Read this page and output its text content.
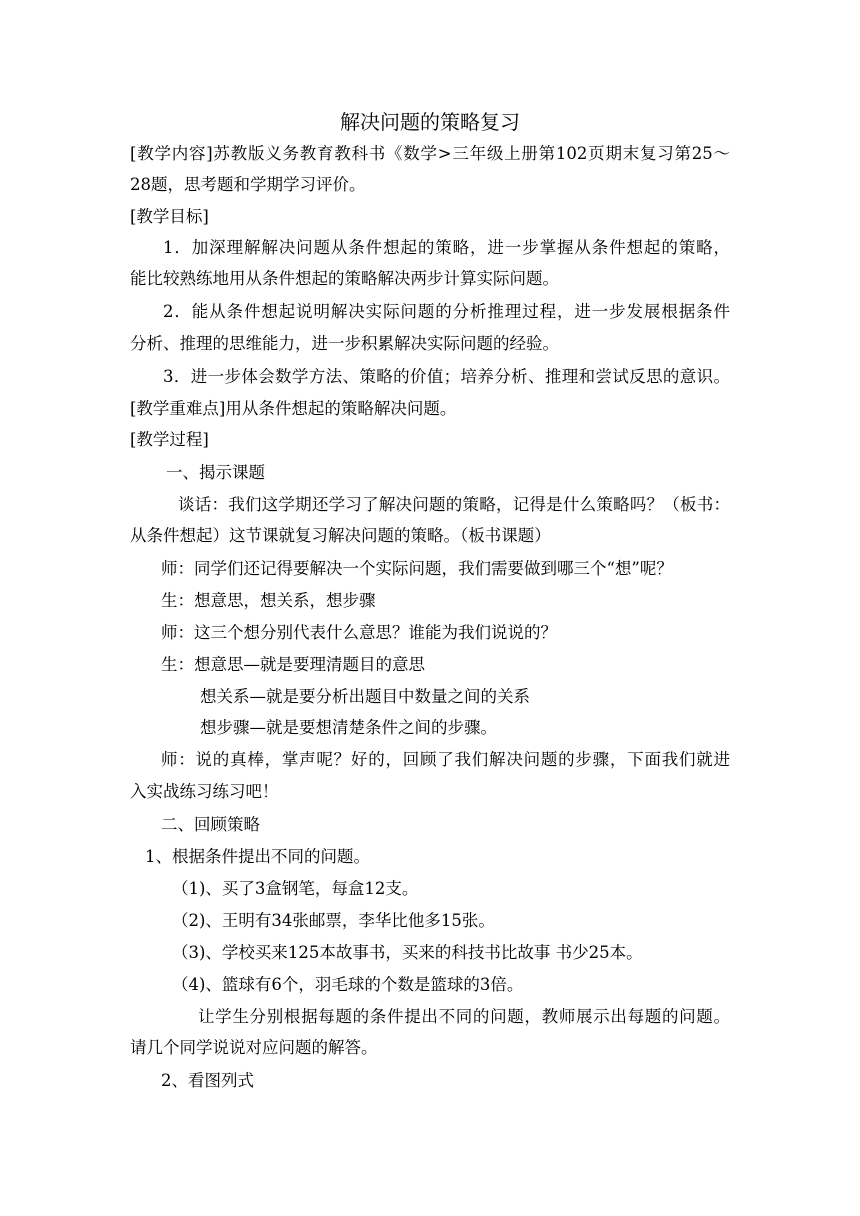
解决问题的策略复习

[教学内容]苏教版义务教育教科书《数学>三年级上册第102页期末复习第25～

28题，思考题和学期学习评价。

[教学目标]

1．加深理解解决问题从条件想起的策略，进一步掌握从条件想起的策略，

能比较熟练地用从条件想起的策略解决两步计算实际问题。

2．能从条件想起说明解决实际问题的分析推理过程，进一步发展根据条件

分析、推理的思维能力，进一步积累解决实际问题的经验。

3．进一步体会数学方法、策略的价值；培养分析、推理和尝试反思的意识。

[教学重难点]用从条件想起的策略解决问题。

[教学过程]

一、揭示课题

谈话：我们这学期还学习了解决问题的策略，记得是什么策略吗？（板书：

从条件想起）这节课就复习解决问题的策略。（板书课题）

师：同学们还记得要解决一个实际问题，我们需要做到哪三个“想”呢？

生：想意思，想关系，想步骤

师：这三个想分别代表什么意思？谁能为我们说说的？

生：想意思—就是要理清题目的意思

想关系—就是要分析出题目中数量之间的关系

想步骤—就是要想清楚条件之间的步骤。

师：说的真棒，掌声呢？好的，回顾了我们解决问题的步骤，下面我们就进

入实战练习练习吧！

二、回顾策略

1、根据条件提出不同的问题。

（1)、买了3盒钢笔，每盒12支。

（2)、王明有34张邮票，李华比他多15张。

（3)、学校买来125本故事书，买来的科技书比故事 书少25本。

（4)、篮球有6个，羽毛球的个数是篮球的3倍。

让学生分别根据每题的条件提出不同的问题，教师展示出每题的问题。

请几个同学说说对应问题的解答。

2、看图列式
